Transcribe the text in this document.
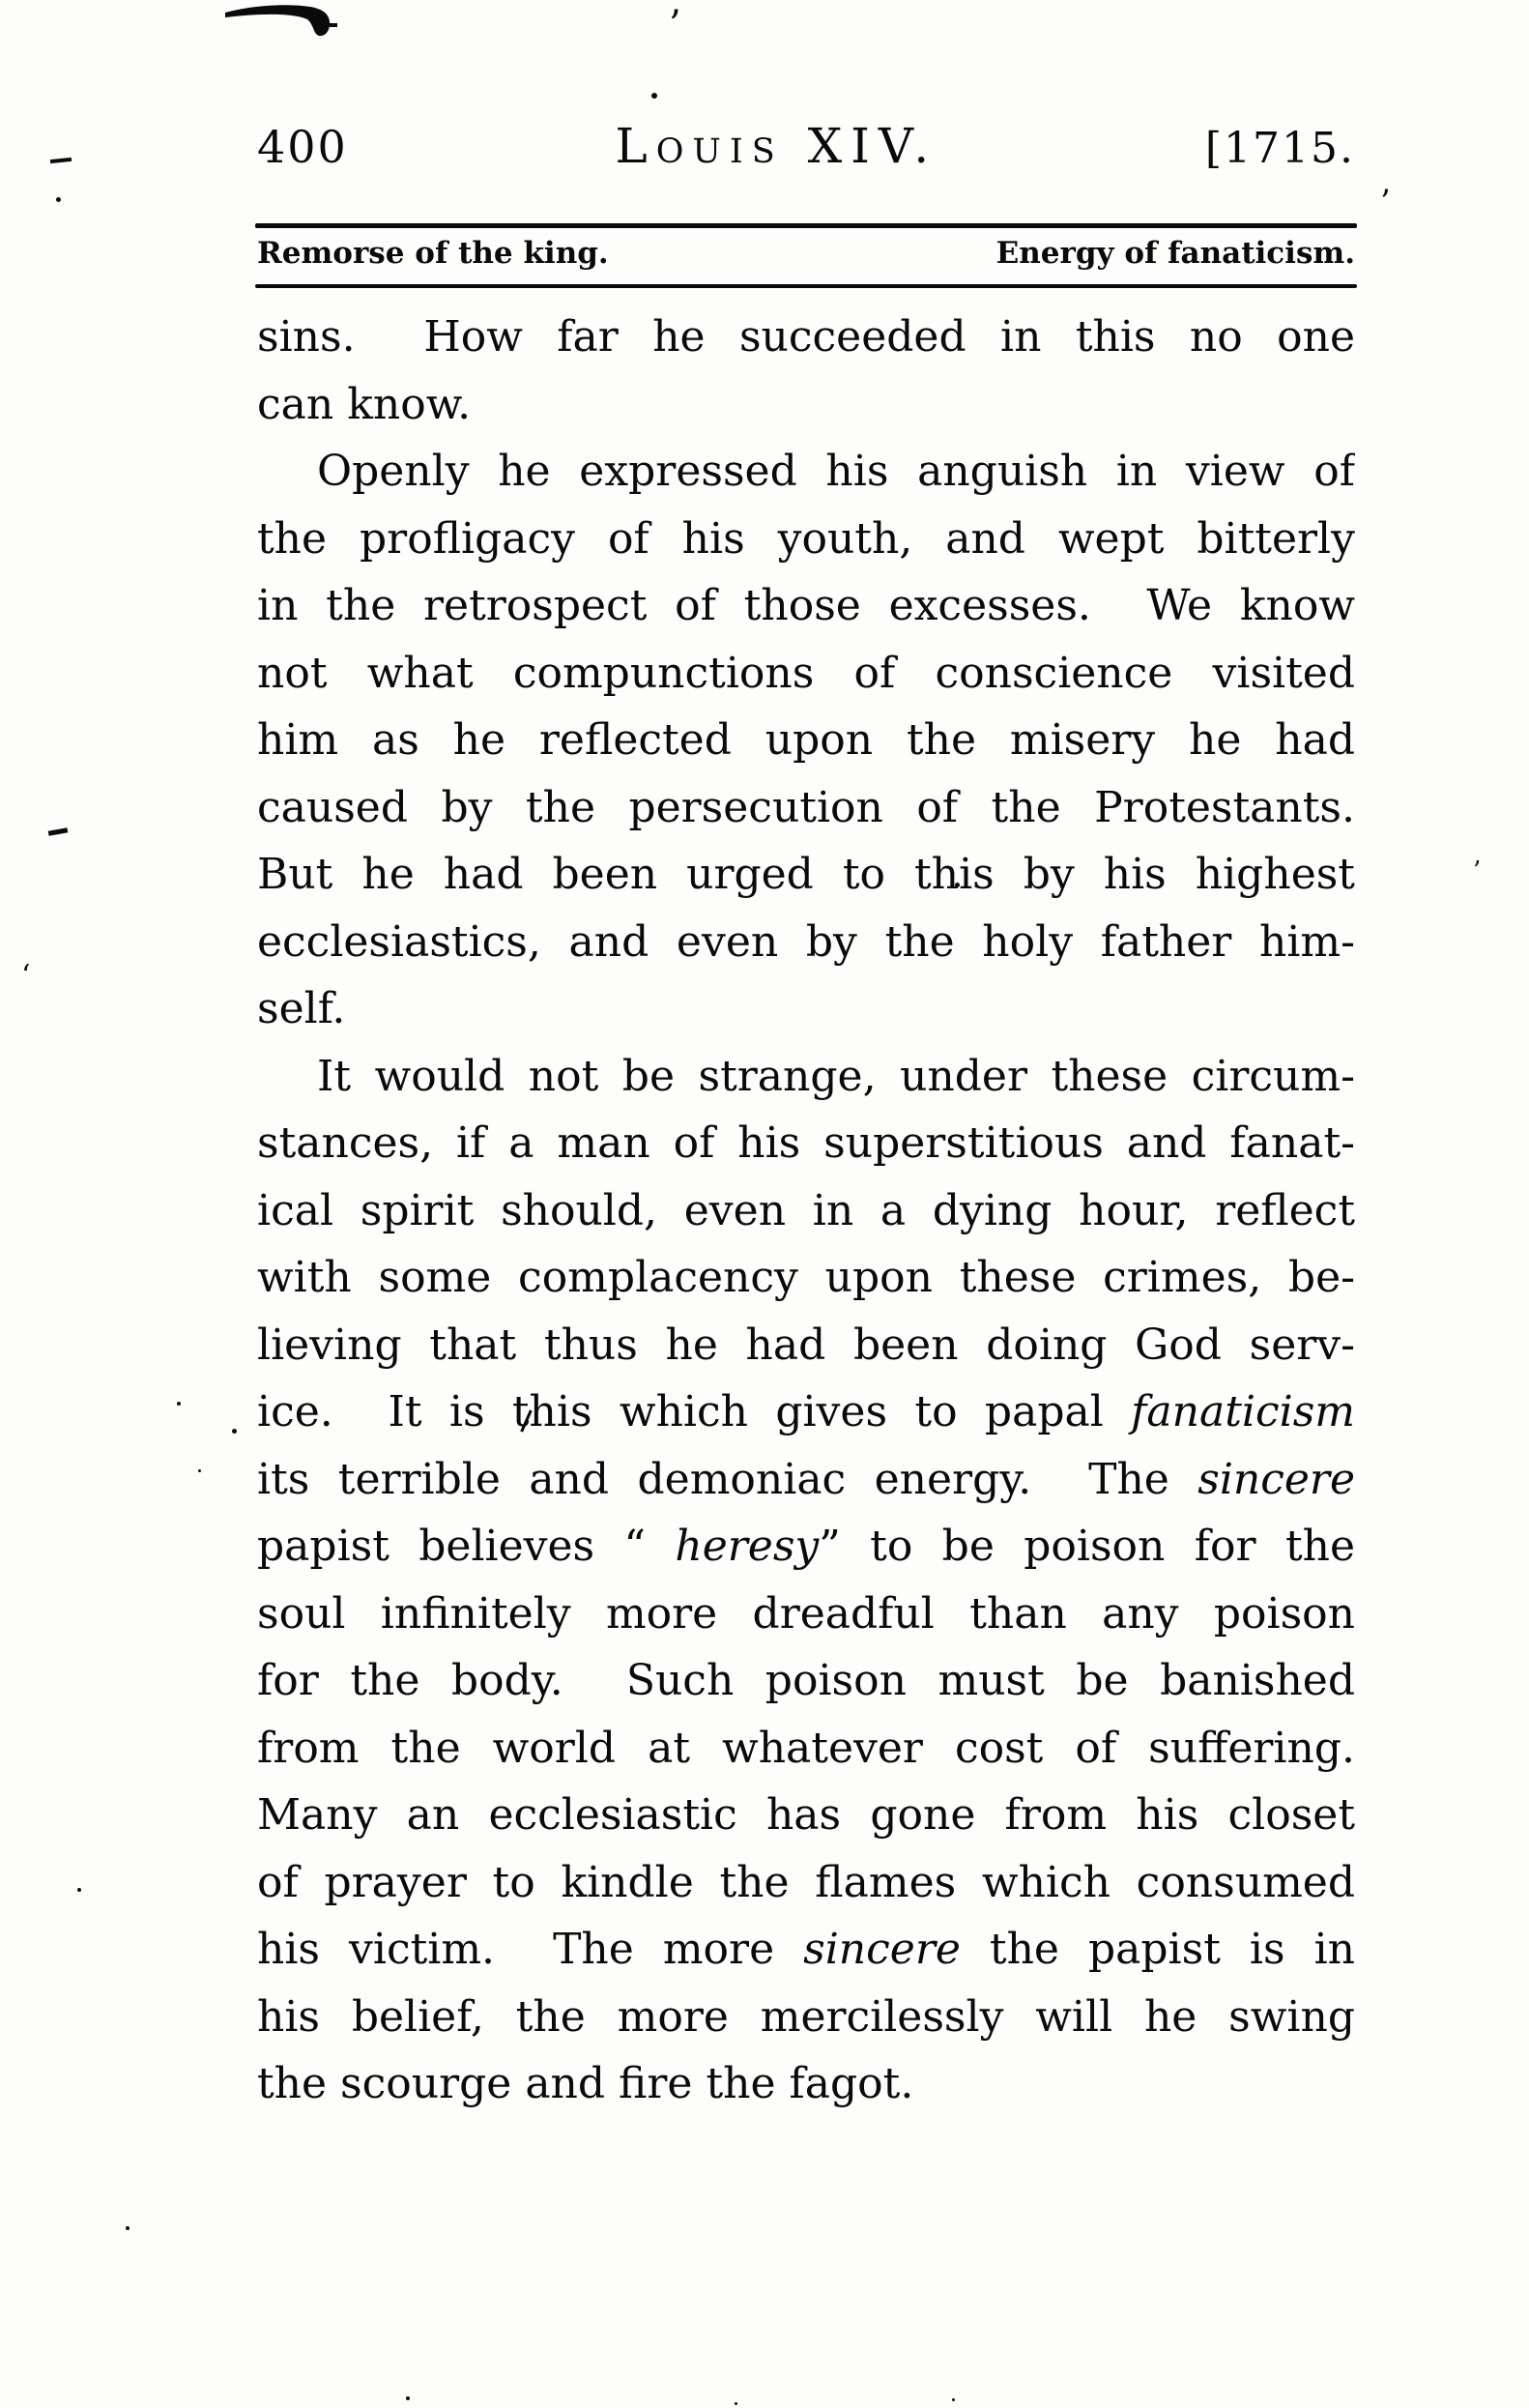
’
’
‘
’
400	Louis XIV.	[1715.
Remorse of the king.	Energy of fanaticism.
sins.  How far he succeeded in this no one
can know.
Openly he expressed his anguish in view of
the profligacy of his youth, and wept bitterly
in the retrospect of those excesses.  We know
not what compunctions of conscience visited
him as he reflected upon the misery he had
caused by the persecution of the Protestants.
But he had been urged to this by his highest
ecclesiastics, and even by the holy father him-
self.
It would not be strange, under these circum-
stances, if a man of his superstitious and fanat-
ical spirit should, even in a dying hour, reflect
with some complacency upon these crimes, be-
lieving that thus he had been doing God serv-
ice.  It is this which gives to papal fanaticism
its terrible and demoniac energy.  The sincere
papist believes “ heresy” to be poison for the
soul infinitely more dreadful than any poison
for the body.  Such poison must be banished
from the world at whatever cost of suffering.
Many an ecclesiastic has gone from his closet
of prayer to kindle the flames which consumed
his victim.  The more sincere the papist is in
his belief, the more mercilessly will he swing
the scourge and fire the fagot.
